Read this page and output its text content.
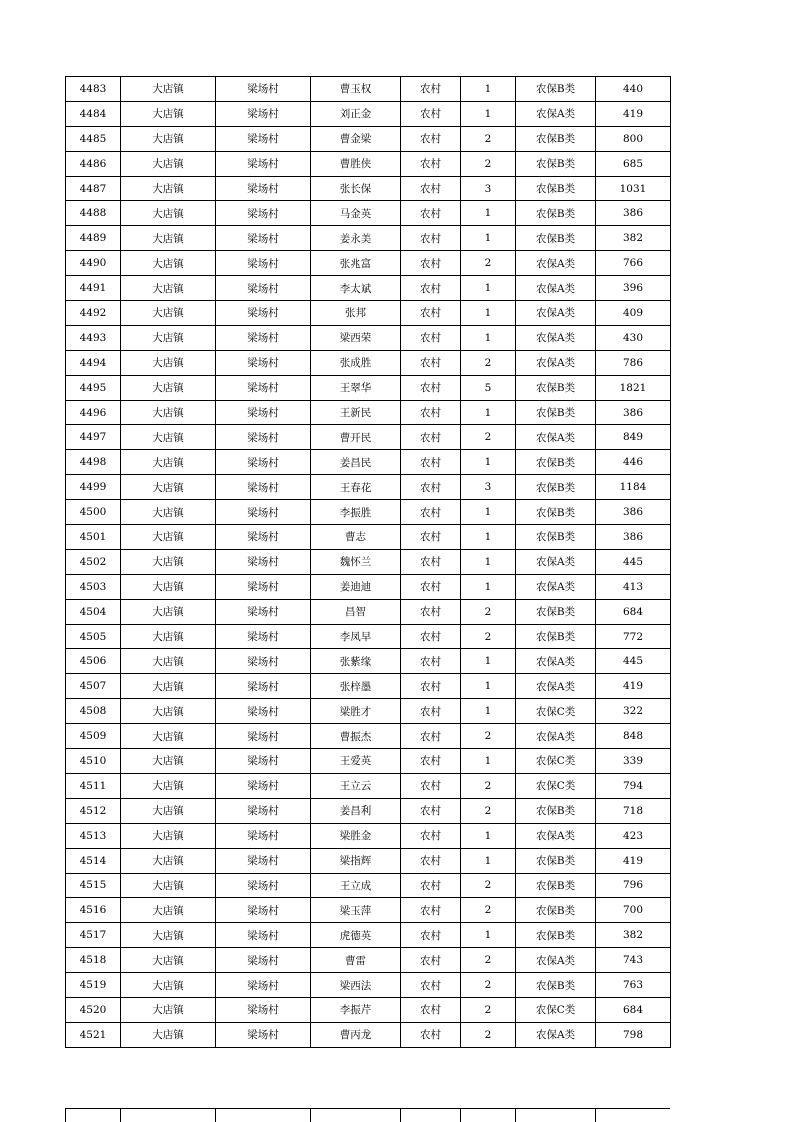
4483	大店镇	梁场村	曹玉权	农村	1	农保B类	440
4484	大店镇	梁场村	刘正金	农村	1	农保A类	419
4485	大店镇	梁场村	曹金梁	农村	2	农保B类	800
4486	大店镇	梁场村	曹胜侠	农村	2	农保B类	685
4487	大店镇	梁场村	张长保	农村	3	农保B类	1031
4488	大店镇	梁场村	马金英	农村	1	农保B类	386
4489	大店镇	梁场村	姜永美	农村	1	农保B类	382
4490	大店镇	梁场村	张兆富	农村	2	农保A类	766
4491	大店镇	梁场村	李太斌	农村	1	农保A类	396
4492	大店镇	梁场村	张邦	农村	1	农保A类	409
4493	大店镇	梁场村	梁西荣	农村	1	农保A类	430
4494	大店镇	梁场村	张成胜	农村	2	农保A类	786
4495	大店镇	梁场村	王翠华	农村	5	农保B类	1821
4496	大店镇	梁场村	王新民	农村	1	农保B类	386
4497	大店镇	梁场村	曹开民	农村	2	农保A类	849
4498	大店镇	梁场村	姜昌民	农村	1	农保B类	446
4499	大店镇	梁场村	王春花	农村	3	农保B类	1184
4500	大店镇	梁场村	李振胜	农村	1	农保B类	386
4501	大店镇	梁场村	曹志	农村	1	农保B类	386
4502	大店镇	梁场村	魏怀兰	农村	1	农保A类	445
4503	大店镇	梁场村	姜迪迪	农村	1	农保A类	413
4504	大店镇	梁场村	昌智	农村	2	农保B类	684
4505	大店镇	梁场村	李凤早	农村	2	农保B类	772
4506	大店镇	梁场村	张紫缘	农村	1	农保A类	445
4507	大店镇	梁场村	张梓墨	农村	1	农保A类	419
4508	大店镇	梁场村	梁胜才	农村	1	农保C类	322
4509	大店镇	梁场村	曹振杰	农村	2	农保A类	848
4510	大店镇	梁场村	王爱英	农村	1	农保C类	339
4511	大店镇	梁场村	王立云	农村	2	农保C类	794
4512	大店镇	梁场村	姜昌利	农村	2	农保B类	718
4513	大店镇	梁场村	梁胜金	农村	1	农保A类	423
4514	大店镇	梁场村	梁指辉	农村	1	农保B类	419
4515	大店镇	梁场村	王立成	农村	2	农保B类	796
4516	大店镇	梁场村	梁玉萍	农村	2	农保B类	700
4517	大店镇	梁场村	虎德英	农村	1	农保B类	382
4518	大店镇	梁场村	曹雷	农村	2	农保A类	743
4519	大店镇	梁场村	梁西法	农村	2	农保B类	763
4520	大店镇	梁场村	李振芹	农村	2	农保C类	684
4521	大店镇	梁场村	曹丙龙	农村	2	农保A类	798
